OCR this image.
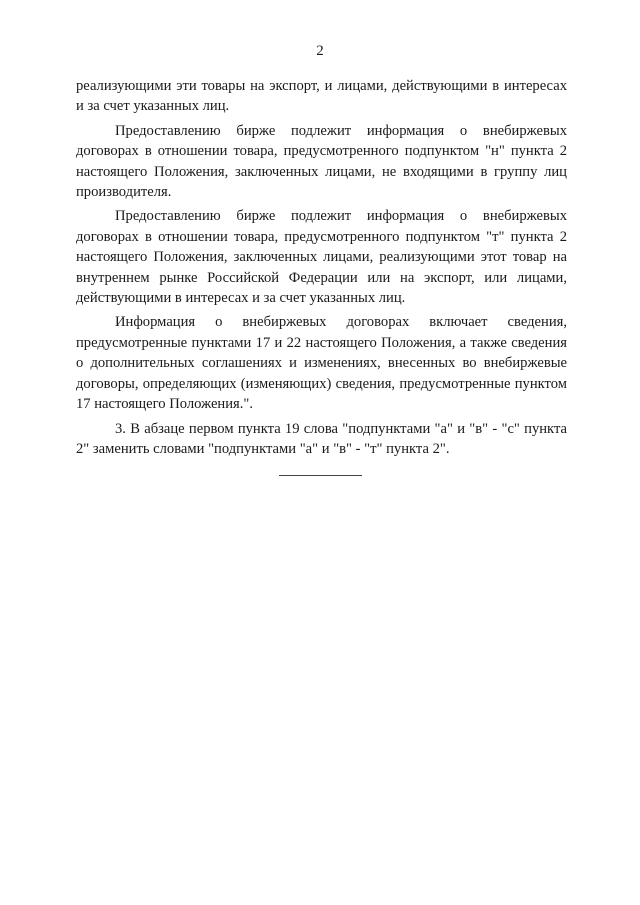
2

реализующими эти товары на экспорт, и лицами, действующими в интересах и за счет указанных лиц.

Предоставлению бирже подлежит информация о внебиржевых договорах в отношении товара, предусмотренного подпунктом "н" пункта 2 настоящего Положения, заключенных лицами, не входящими в группу лиц производителя.

Предоставлению бирже подлежит информация о внебиржевых договорах в отношении товара, предусмотренного подпунктом "т" пункта 2 настоящего Положения, заключенных лицами, реализующими этот товар на внутреннем рынке Российской Федерации или на экспорт, или лицами, действующими в интересах и за счет указанных лиц.

Информация о внебиржевых договорах включает сведения, предусмотренные пунктами 17 и 22 настоящего Положения, а также сведения о дополнительных соглашениях и изменениях, внесенных во внебиржевые договоры, определяющих (изменяющих) сведения, предусмотренные пунктом 17 настоящего Положения.".

3. В абзаце первом пункта 19 слова "подпунктами "а" и "в" - "с" пункта 2" заменить словами "подпунктами "а" и "в" - "т" пункта 2".
